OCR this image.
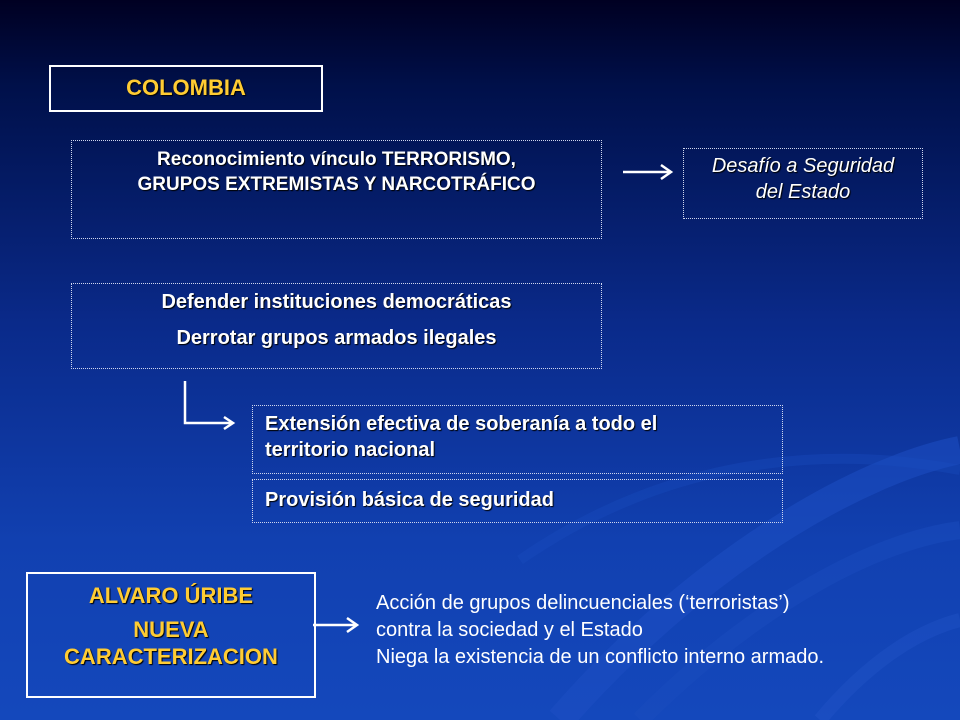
COLOMBIA
Reconocimiento vínculo TERRORISMO,
GRUPOS EXTREMISTAS Y NARCOTRÁFICO
Desafío a Seguridad
del Estado
Defender instituciones democráticas
Derrotar grupos armados ilegales
Extensión efectiva de soberanía a todo el
territorio nacional
Provisión básica de seguridad
ALVARO ÚRIBE
NUEVA
CARACTERIZACION
Acción de grupos delincuenciales (‘terroristas’)
contra la sociedad y el Estado
Niega la existencia de un conflicto interno armado.
